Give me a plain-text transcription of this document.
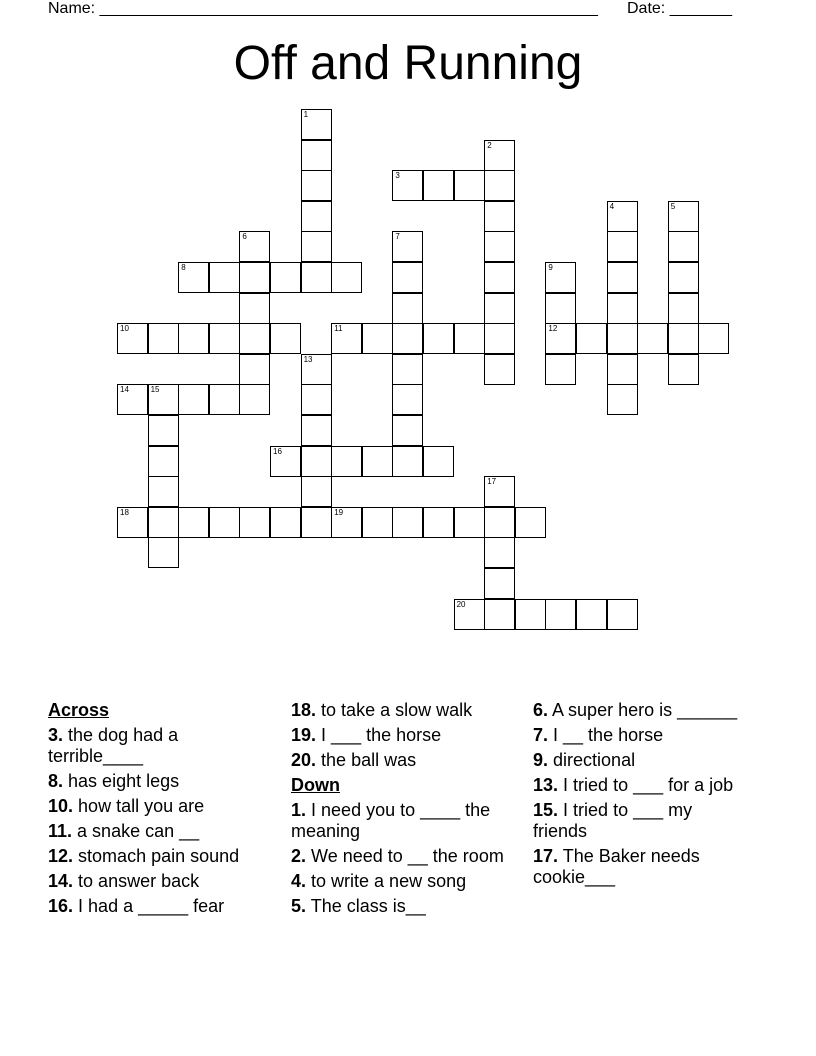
Name: ________________________________________________________ Date: _______
Off and Running
3
8
10	11	12
14	15
16
18	19
20
1
2
4	5
6	7
9
13
17
Across
3. the dog had a terrible____
8. has eight legs
10. how tall you are
11. a snake can __
12. stomach pain sound
14. to answer back
16. I had a _____ fear
18. to take a slow walk
19. I ___ the horse
20. the ball was
Down
1. I need you to ____ the meaning
2. We need to __ the room
4. to write a new song
5. The class is__
6. A super hero is ______
7. I __ the horse
9. directional
13. I tried to ___ for a job
15. I tried to ___ my friends
17. The Baker needs cookie___
